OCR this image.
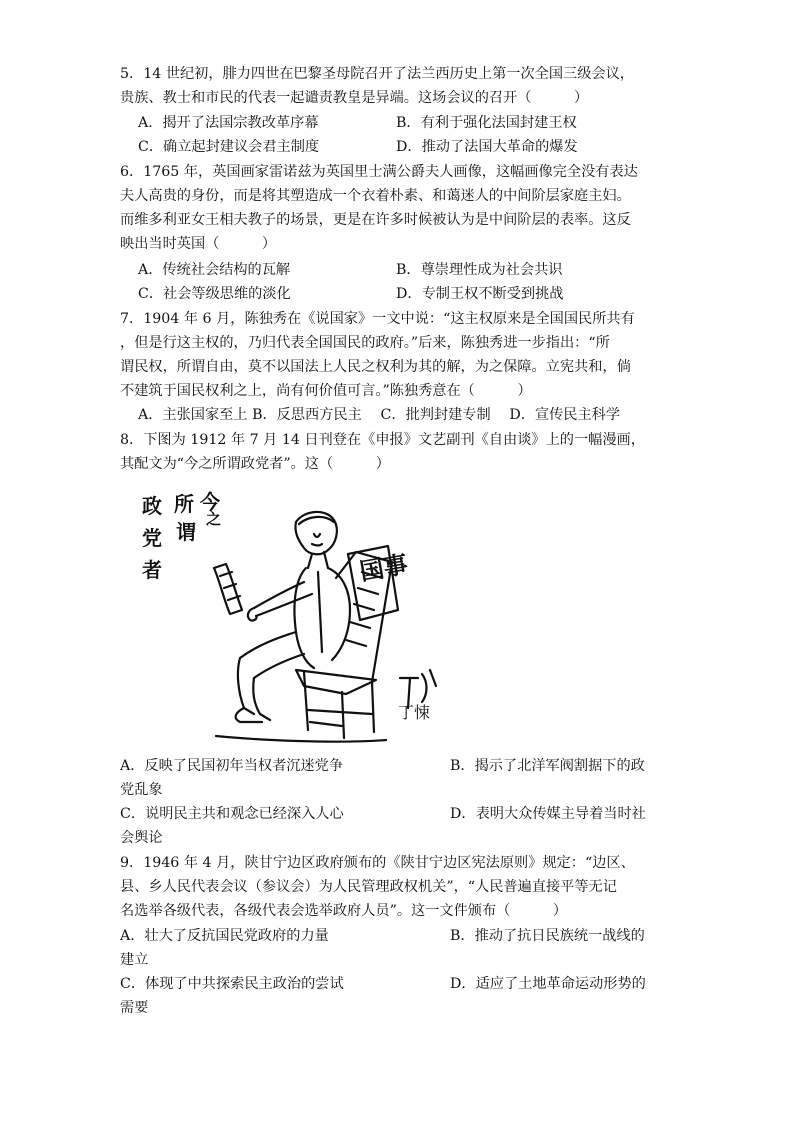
5．14 世纪初，腓力四世在巴黎圣母院召开了法兰西历史上第一次全国三级会议，
贵族、教士和市民的代表一起谴责教皇是异端。这场会议的召开（　　　）
A．揭开了法国宗教改革序幕	B．有利于强化法国封建王权
C．确立起封建议会君主制度	D．推动了法国大革命的爆发
6．1765 年，英国画家雷诺兹为英国里士满公爵夫人画像，这幅画像完全没有表达
夫人高贵的身份，而是将其塑造成一个衣着朴素、和蔼迷人的中间阶层家庭主妇。
而维多利亚女王相夫教子的场景，更是在许多时候被认为是中间阶层的表率。这反
映出当时英国（　　　）
A．传统社会结构的瓦解	B．尊崇理性成为社会共识
C．社会等级思维的淡化	D．专制王权不断受到挑战
7．1904 年 6 月，陈独秀在《说国家》一文中说：“这主权原来是全国国民所共有
，但是行这主权的，乃归代表全国国民的政府。”后来，陈独秀进一步指出：“所
谓民权，所谓自由，莫不以国法上人民之权利为其的解，为之保障。立宪共和，倘
不建筑于国民权利之上，尚有何价值可言。”陈独秀意在（　　　）
A．主张国家至上 B．反思西方民主　 C．批判封建专制　 D．宣传民主科学
8．下图为 1912 年 7 月 14 日刊登在《申报》文艺副刊《自由谈》上的一幅漫画，
其配文为“今之所谓政党者”。这（　　　）
今
之
所
谓
政
党
者	国事
丁悚
A．反映了民国初年当权者沉迷党争	B．揭示了北洋军阀割据下的政
党乱象
C．说明民主共和观念已经深入人心	D．表明大众传媒主导着当时社
会舆论
9．1946 年 4 月，陕甘宁边区政府颁布的《陕甘宁边区宪法原则》规定：“边区、
县、乡人民代表会议（参议会）为人民管理政权机关”，“人民普遍直接平等无记
名选举各级代表，各级代表会选举政府人员”。这一文件颁布（　　　）
A．壮大了反抗国民党政府的力量	B．推动了抗日民族统一战线的
建立
C．体现了中共探索民主政治的尝试	D．适应了土地革命运动形势的
需要
